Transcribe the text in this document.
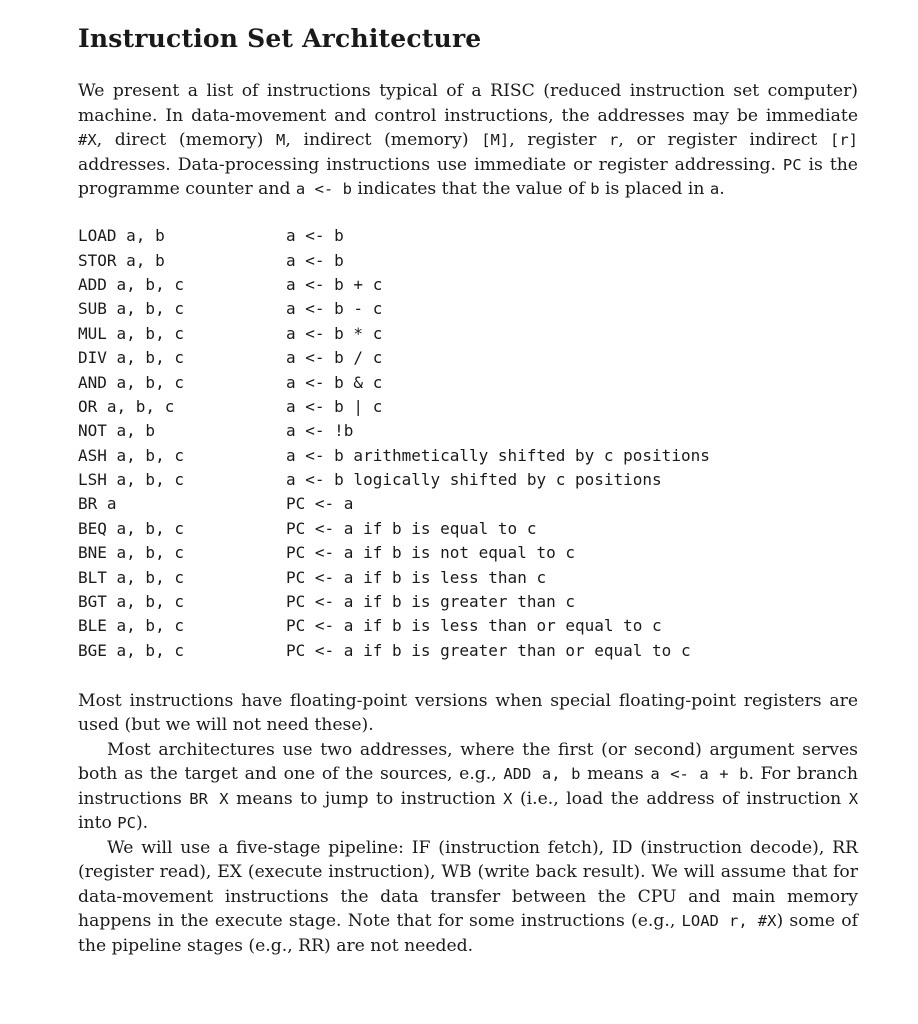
Instruction Set Architecture

We present a list of instructions typical of a RISC (reduced instruction set computer) machine. In data-movement and control instructions, the addresses may be immediate #X, direct (memory) M, indirect (memory) [M], register r, or register indirect [r] addresses. Data-processing instructions use immediate or register addressing. PC is the programme counter and a <- b indicates that the value of b is placed in a.

LOAD a, b	a <- b
STOR a, b	a <- b
ADD a, b, c	a <- b + c
SUB a, b, c	a <- b - c
MUL a, b, c	a <- b * c
DIV a, b, c	a <- b / c
AND a, b, c	a <- b & c
OR a, b, c	a <- b | c
NOT a, b	a <- !b
ASH a, b, c	a <- b arithmetically shifted by c positions
LSH a, b, c	a <- b logically shifted by c positions
BR a	PC <- a
BEQ a, b, c	PC <- a if b is equal to c
BNE a, b, c	PC <- a if b is not equal to c
BLT a, b, c	PC <- a if b is less than c
BGT a, b, c	PC <- a if b is greater than c
BLE a, b, c	PC <- a if b is less than or equal to c
BGE a, b, c	PC <- a if b is greater than or equal to c

Most instructions have floating-point versions when special floating-point registers are used (but we will not need these).

Most architectures use two addresses, where the first (or second) argument serves both as the target and one of the sources, e.g., ADD a, b means a <- a + b. For branch instructions BR X means to jump to instruction X (i.e., load the address of instruction X into PC).

We will use a five-stage pipeline: IF (instruction fetch), ID (instruction decode), RR (register read), EX (execute instruction), WB (write back result). We will assume that for data-movement instructions the data transfer between the CPU and main memory happens in the execute stage. Note that for some instructions (e.g., LOAD r, #X) some of the pipeline stages (e.g., RR) are not needed.
